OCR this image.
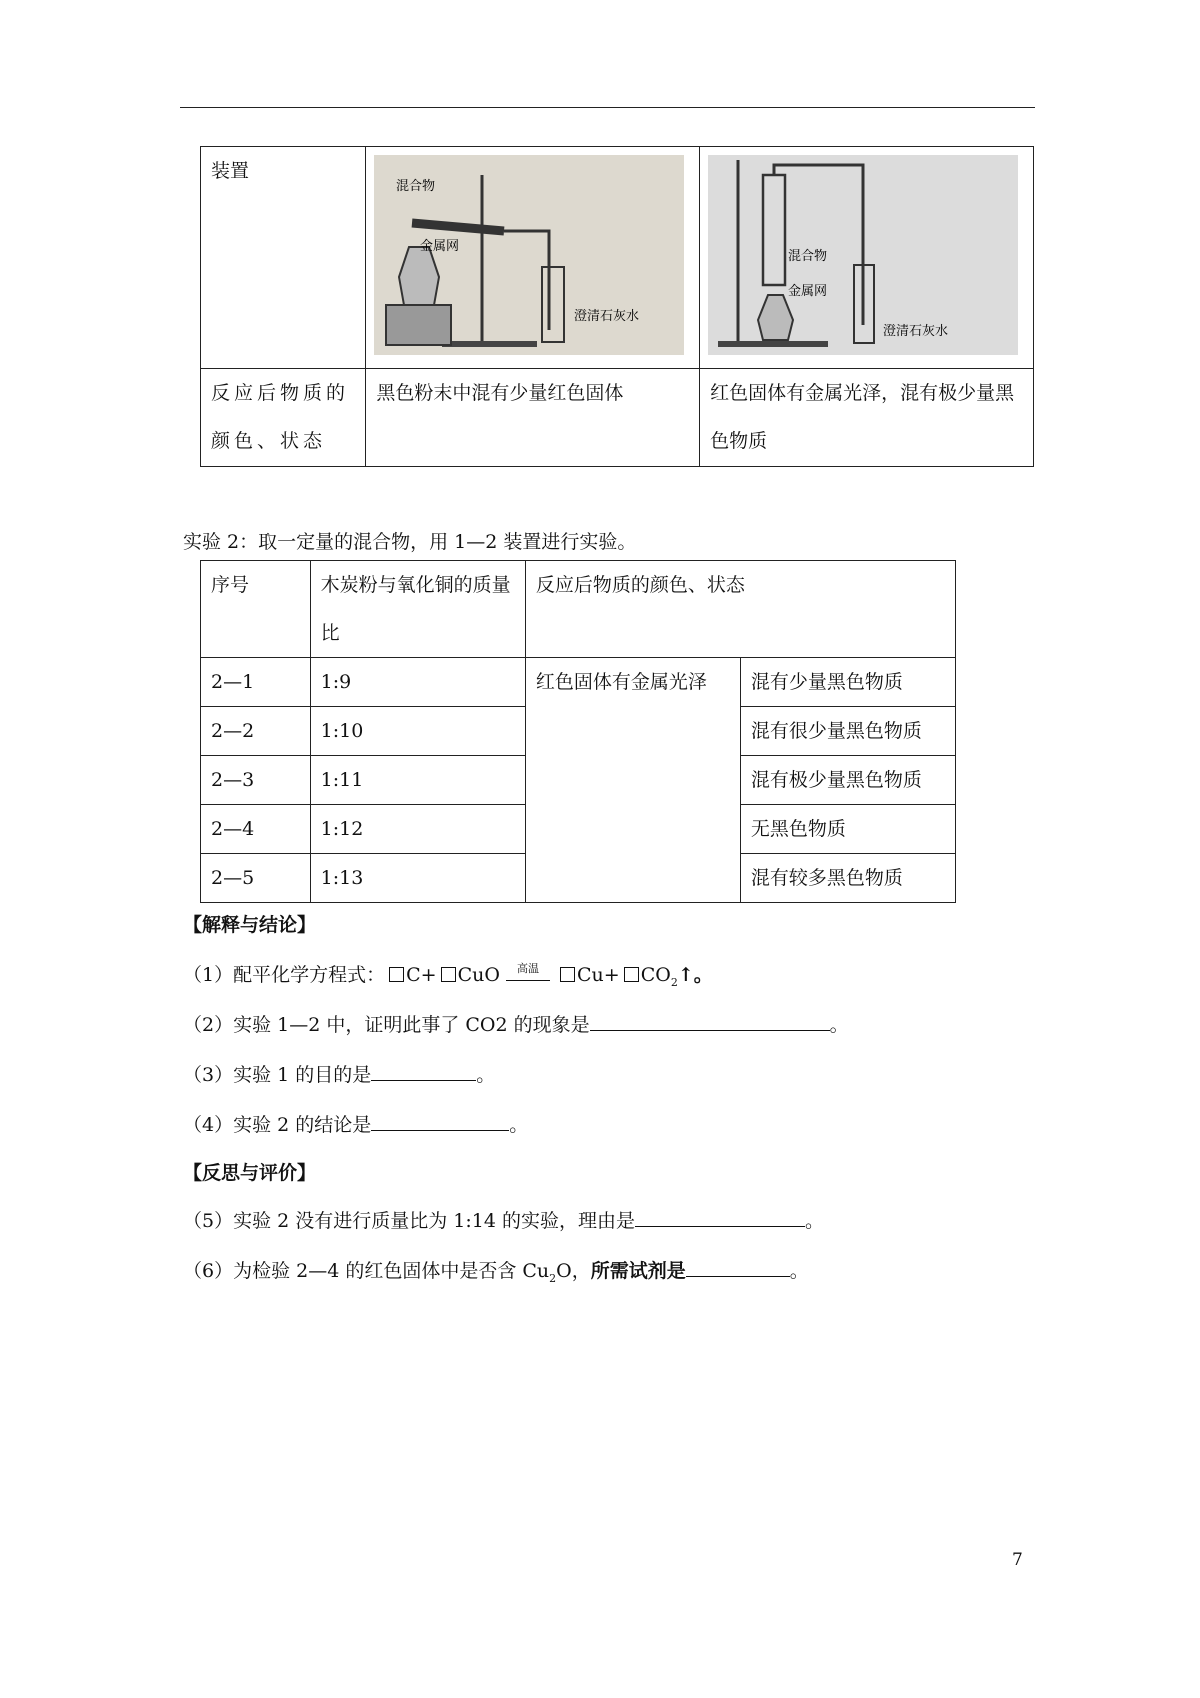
装置	混合物
金属网
澄清石灰水	混合物
金属网
澄清石灰水

反应后物质的颜色、状态	黑色粉末中混有少量红色固体	红色固体有金属光泽，混有极少量黑色物质
实验 2：取一定量的混合物，用 1—2 装置进行实验。
序号	木炭粉与氧化铜的质量比	反应后物质的颜色、状态	
2—1	1:9	红色固体有金属光泽	混有少量黑色物质
2—2	1:10		混有很少量黑色物质
2—3	1:11		混有极少量黑色物质
2—4	1:12		无黑色物质
2—5	1:13		混有较多黑色物质
【解释与结论】
（1）配平化学方程式： C+ CuO	高温	$Cu+ CO_2↑$。
（2）实验 1—2 中，证明此事了 CO2 的现象是	。
（3）实验 1 的目的是	。
（4）实验 2 的结论是	。
【反思与评价】
（5）实验 2 没有进行质量比为 1:14 的实验，理由是	。
（6）为检验 2—4 的红色固体中是否含 $Cu_2O$，所需试剂是	。
7
